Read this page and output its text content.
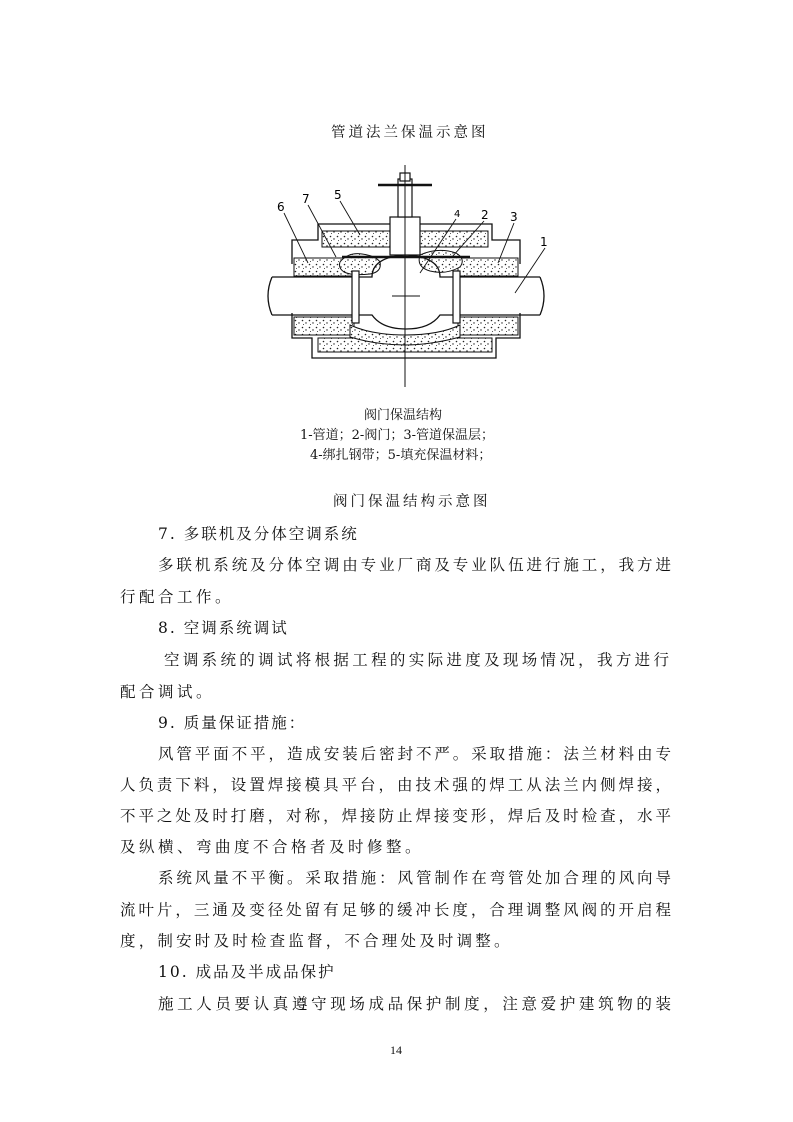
管道法兰保温示意图
1
2 3
4
5
6
7
阀门保温结构
1-管道；2-阀门；3-管道保温层；
4-绑扎钢带；5-填充保温材料；
阀门保温结构示意图
7. 多联机及分体空调系统
多联机系统及分体空调由专业厂商及专业队伍进行施工，我方进
行配合工作。
8. 空调系统调试
空调系统的调试将根据工程的实际进度及现场情况，我方进行
配合调试。
9. 质量保证措施：
风管平面不平，造成安装后密封不严。采取措施：法兰材料由专
人负责下料，设置焊接模具平台，由技术强的焊工从法兰内侧焊接，
不平之处及时打磨，对称，焊接防止焊接变形，焊后及时检查，水平
及纵横、弯曲度不合格者及时修整。
系统风量不平衡。采取措施：风管制作在弯管处加合理的风向导
流叶片，三通及变径处留有足够的缓冲长度，合理调整风阀的开启程
度，制安时及时检查监督，不合理处及时调整。
10. 成品及半成品保护
施工人员要认真遵守现场成品保护制度，注意爱护建筑物的装
14
